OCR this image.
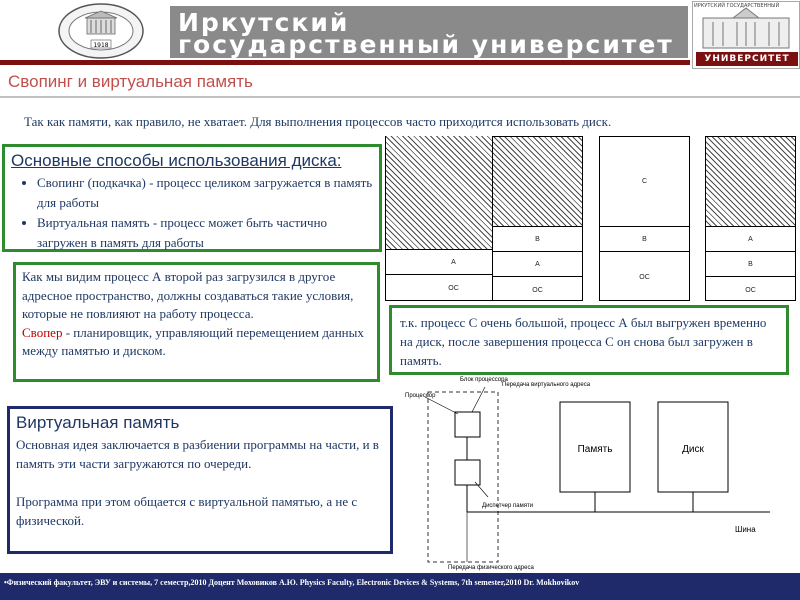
1918
Иркутский
государственный университет
ИРКУТСКИЙ ГОСУДАРСТВЕННЫЙ
УНИВЕРСИТЕТ
Свопинг и виртуальная память
Так как памяти, как правило, не хватает. Для выполнения процессов часто приходится использовать диск.
Основные способы использования диска:
• Свопинг (подкачка) - процесс целиком загружается в память для работы
• Виртуальная память - процесс может быть частично загружен в память для работы
Как мы видим процесс А второй раз загрузился в другое адресное пространство, должны создаваться такие условия, которые не повлияют на работу процесса.
Свопер - планировщик, управляющий перемещением данных между памятью и диском.
т.к. процесс С очень большой, процесс А был выгружен временно на диск, после завершения процесса С он снова был загружен в память.
Виртуальная память
Основная идея заключается в разбиении программы на части, и в память эти части загружаются по очереди.
Программа при этом общается с виртуальной памятью, а не с физической.
А
ОС
В
А
ОС
С
В
ОС
А
В
ОС
Блок процессора
Процессор
Передача виртуального адреса
Память	Диск
Диспетчер памяти
Шина
Передача физического адреса
•Физический факультет, ЭВУ и системы, 7 семестр,2010 Доцент Моховиков А.Ю. Physics Faculty, Electronic Devices & Systems, 7th semester,2010 Dr. Mokhovikov
